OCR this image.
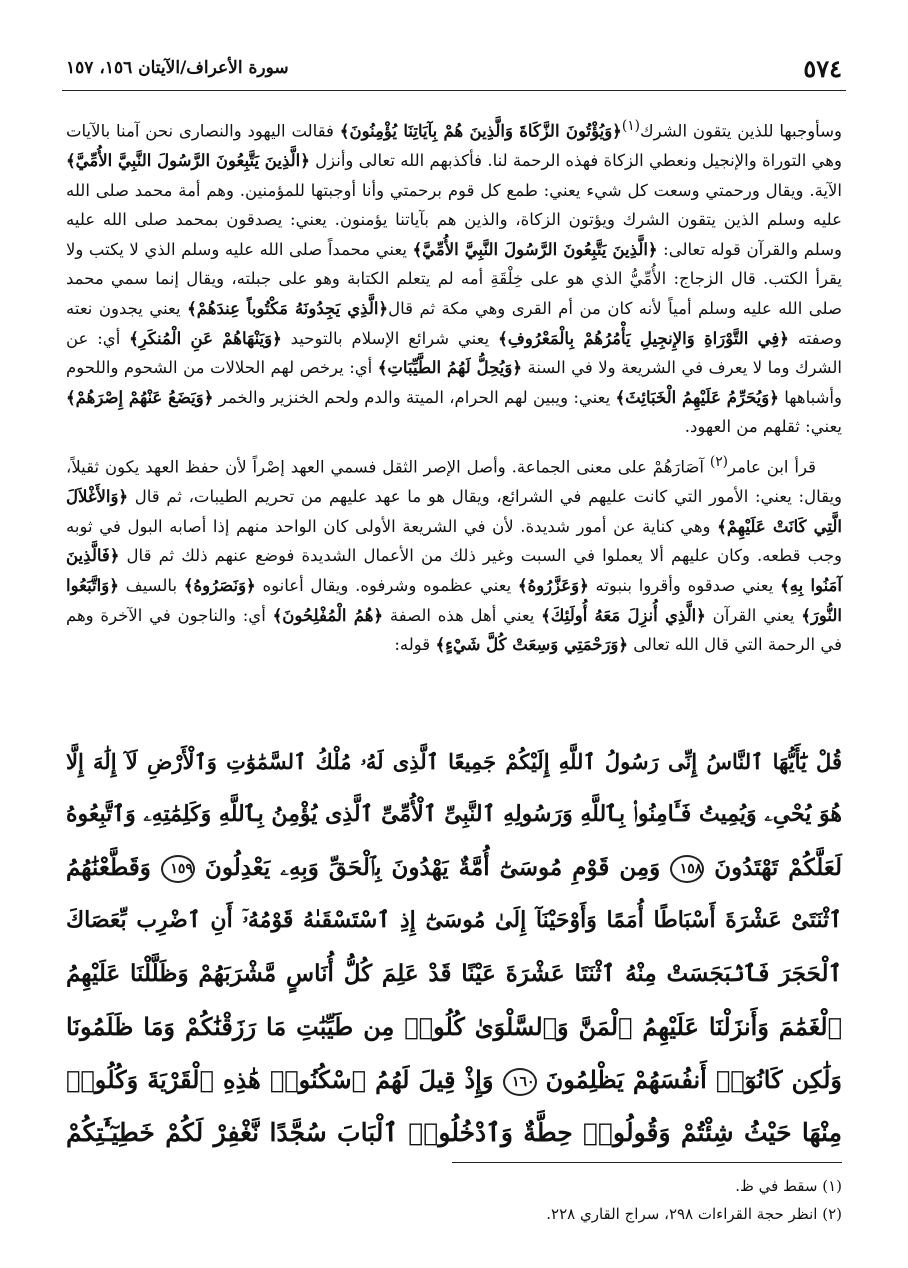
سورة الأعراف/الآيتان ١٥٦، ١٥٧	٥٧٤

وسأوجبها للذين يتقون الشرك$^{(١)}$﴿وَيُؤْتُونَ الزَّكَاةَ وَالَّذِينَ هُمْ بِآيَاتِنَا يُؤْمِنُونَ﴾ فقالت اليهود والنصارى نحن آمنا بالآيات وهي التوراة والإنجيل ونعطي الزكاة فهذه الرحمة لنا. فأكذبهم الله تعالى وأنزل ﴿الَّذِينَ يَتَّبِعُونَ الرَّسُولَ النَّبِيَّ الأُمِّيَّ﴾ الآية. ويقال ورحمتي وسعت كل شيء يعني: طمع كل قوم برحمتي وأنا أوجبتها للمؤمنين. وهم أمة محمد صلى الله عليه وسلم الذين يتقون الشرك ويؤتون الزكاة، والذين هم بآياتنا يؤمنون. يعني: يصدقون بمحمد صلى الله عليه وسلم والقرآن قوله تعالى: ﴿الَّذِينَ يَتَّبِعُونَ الرَّسُولَ النَّبِيَّ الأُمِّيَّ﴾ يعني محمداً صلى الله عليه وسلم الذي لا يكتب ولا يقرأ الكتب. قال الزجاج: الأُمِّيُّ الذي هو على خِلْقَةِ أمه لم يتعلم الكتابة وهو على جبلته، ويقال إنما سمي محمد صلى الله عليه وسلم أمياً لأنه كان من أم القرى وهي مكة ثم قال﴿الَّذِي يَجِدُونَهُ مَكْتُوباً عِندَهُمْ﴾ يعني يجدون نعته وصفته ﴿فِي التَّوْرَاةِ وَالإِنجِيلِ يَأْمُرُهُمْ بِالْمَعْرُوفِ﴾ يعني شرائع الإسلام بالتوحيد ﴿وَيَنْهَاهُمْ عَنِ الْمُنكَرِ﴾ أي: عن الشرك وما لا يعرف في الشريعة ولا في السنة ﴿وَيُحِلُّ لَهُمُ الطَّيِّبَاتِ﴾ أي: يرخص لهم الحلالات من الشحوم واللحوم وأشباهها ﴿وَيُحَرِّمُ عَلَيْهِمُ الْخَبَائِثَ﴾ يعني: ويبين لهم الحرام، الميتة والدم ولحم الخنزير والخمر ﴿وَيَضَعُ عَنْهُمْ إِصْرَهُمْ﴾ يعني: ثقلهم من العهود.

قرأ ابن عامر$^{(٢)}$ آصَارَهُمْ على معنى الجماعة. وأصل الإصر الثقل فسمي العهد إصْراً لأن حفظ العهد يكون ثقيلاً، ويقال: يعني: الأمور التي كانت عليهم في الشرائع، ويقال هو ما عهد عليهم من تحريم الطيبات، ثم قال ﴿وَالأَغْلاَلَ الَّتِي كَانَتْ عَلَيْهِمْ﴾ وهي كناية عن أمور شديدة. لأن في الشريعة الأولى كان الواحد منهم إذا أصابه البول في ثوبه وجب قطعه. وكان عليهم ألا يعملوا في السبت وغير ذلك من الأعمال الشديدة فوضع عنهم ذلك ثم قال ﴿فَالَّذِينَ آمَنُوا بِهِ﴾ يعني صدقوه وأقروا بنبوته ﴿وَعَزَّرُوهُ﴾ يعني عظموه وشرفوه. ويقال أعانوه ﴿وَنَصَرُوهُ﴾ بالسيف ﴿وَاتَّبَعُوا النُّورَ﴾ يعني القرآن ﴿الَّذِي أُنزِلَ مَعَهُ أُولَئِكَ﴾ يعني أهل هذه الصفة ﴿هُمُ الْمُفْلِحُونَ﴾ أي: والناجون في الآخرة وهم في الرحمة التي قال الله تعالى ﴿وَرَحْمَتِي وَسِعَتْ كُلَّ شَيْءٍ﴾ قوله:

قُلْ يَٰٓأَيُّهَا ٱلنَّاسُ إِنِّى رَسُولُ ٱللَّهِ إِلَيْكُمْ جَمِيعًا ٱلَّذِى لَهُۥ مُلْكُ ٱلسَّمَٰوَٰتِ وَٱلْأَرْضِ لَآ إِلَٰهَ إِلَّا
هُوَ يُحْىِۦ وَيُمِيتُ فَـَٔامِنُوا۟ بِٱللَّهِ وَرَسُولِهِ ٱلنَّبِىِّ ٱلْأُمِّىِّ ٱلَّذِى يُؤْمِنُ بِٱللَّهِ وَكَلِمَٰتِهِۦ وَٱتَّبِعُوهُ
لَعَلَّكُمْ تَهْتَدُونَ ١٥٨ وَمِن قَوْمِ مُوسَىٰٓ أُمَّةٌ يَهْدُونَ بِٱلْحَقِّ وَبِهِۦ يَعْدِلُونَ ١٥٩ وَقَطَّعْنَٰهُمُ
ٱثْنَتَىْ عَشْرَةَ أَسْبَاطًا أُمَمًا وَأَوْحَيْنَآ إِلَىٰ مُوسَىٰٓ إِذِ ٱسْتَسْقَىٰهُ قَوْمُهُۥٓ أَنِ ٱضْرِب بِّعَصَاكَ
ٱلْحَجَرَ فَٱنۢبَجَسَتْ مِنْهُ ٱثْنَتَا عَشْرَةَ عَيْنًا قَدْ عَلِمَ كُلُّ أُنَاسٍ مَّشْرَبَهُمْ وَظَلَّلْنَا عَلَيْهِمُ
ٱلْغَمَٰمَ وَأَنزَلْنَا عَلَيْهِمُ ٱلْمَنَّ وَٱلسَّلْوَىٰ كُلُوا۟ مِن طَيِّبَٰتِ مَا رَزَقْنَٰكُمْ وَمَا ظَلَمُونَا
وَلَٰكِن كَانُوٓا۟ أَنفُسَهُمْ يَظْلِمُونَ ١٦٠ وَإِذْ قِيلَ لَهُمُ ٱسْكُنُوا۟ هَٰذِهِ ٱلْقَرْيَةَ وَكُلُوا۟
مِنْهَا حَيْثُ شِئْتُمْ وَقُولُوا۟ حِطَّةٌ وَٱدْخُلُوا۟ ٱلْبَابَ سُجَّدًا نَّغْفِرْ لَكُمْ خَطِيٓـَٰٔتِكُمْ
(١) سقط في ظ.
(٢) انظر حجة القراءات ٢٩٨، سراج القاري ٢٢٨.
